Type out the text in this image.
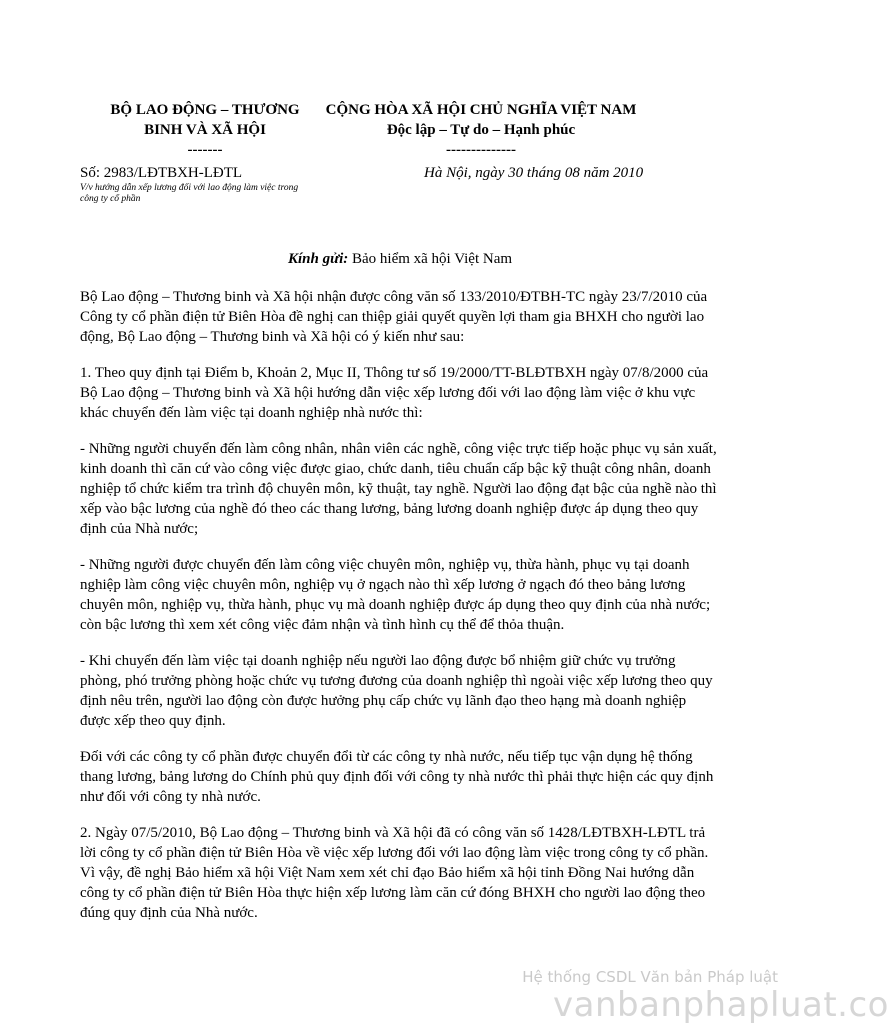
BỘ LAO ĐỘNG – THƯƠNG
BINH VÀ XÃ HỘI
-------
CỘNG HÒA XÃ HỘI CHỦ NGHĨA VIỆT NAM
Độc lập – Tự do – Hạnh phúc
--------------
Số: 2983/LĐTBXH-LĐTL
V/v hướng dẫn xếp lương đối với lao động làm việc trong công ty cổ phần
Hà Nội, ngày 30 tháng 08 năm 2010
Kính gửi: Bảo hiểm xã hội Việt Nam

Bộ Lao động – Thương binh và Xã hội nhận được công văn số 133/2010/ĐTBH-TC ngày 23/7/2010 của Công ty cổ phần điện tử Biên Hòa đề nghị can thiệp giải quyết quyền lợi tham gia BHXH cho người lao động, Bộ Lao động – Thương binh và Xã hội có ý kiến như sau:

1. Theo quy định tại Điểm b, Khoản 2, Mục II, Thông tư số 19/2000/TT-BLĐTBXH ngày 07/8/2000 của Bộ Lao động – Thương binh và Xã hội hướng dẫn việc xếp lương đối với lao động làm việc ở khu vực khác chuyển đến làm việc tại doanh nghiệp nhà nước thì:

- Những người chuyển đến làm công nhân, nhân viên các nghề, công việc trực tiếp hoặc phục vụ sản xuất, kinh doanh thì căn cứ vào công việc được giao, chức danh, tiêu chuẩn cấp bậc kỹ thuật công nhân, doanh nghiệp tổ chức kiểm tra trình độ chuyên môn, kỹ thuật, tay nghề. Người lao động đạt bậc của nghề nào thì xếp vào bậc lương của nghề đó theo các thang lương, bảng lương doanh nghiệp được áp dụng theo quy định của Nhà nước;

- Những người được chuyển đến làm công việc chuyên môn, nghiệp vụ, thừa hành, phục vụ tại doanh nghiệp làm công việc chuyên môn, nghiệp vụ ở ngạch nào thì xếp lương ở ngạch đó theo bảng lương chuyên môn, nghiệp vụ, thừa hành, phục vụ mà doanh nghiệp được áp dụng theo quy định của nhà nước; còn bậc lương thì xem xét công việc đảm nhận và tình hình cụ thể để thỏa thuận.

- Khi chuyển đến làm việc tại doanh nghiệp nếu người lao động được bổ nhiệm giữ chức vụ trưởng phòng, phó trưởng phòng hoặc chức vụ tương đương của doanh nghiệp thì ngoài việc xếp lương theo quy định nêu trên, người lao động còn được hưởng phụ cấp chức vụ lãnh đạo theo hạng mà doanh nghiệp được xếp theo quy định.

Đối với các công ty cổ phần được chuyển đổi từ các công ty nhà nước, nếu tiếp tục vận dụng hệ thống thang lương, bảng lương do Chính phủ quy định đối với công ty nhà nước thì phải thực hiện các quy định như đối với công ty nhà nước.

2. Ngày 07/5/2010, Bộ Lao động – Thương binh và Xã hội đã có công văn số 1428/LĐTBXH-LĐTL trả lời công ty cổ phần điện tử Biên Hòa về việc xếp lương đối với lao động làm việc trong công ty cổ phần. Vì vậy, đề nghị Bảo hiểm xã hội Việt Nam xem xét chỉ đạo Bảo hiểm xã hội tỉnh Đồng Nai hướng dẫn công ty cổ phần điện tử Biên Hòa thực hiện xếp lương làm căn cứ đóng BHXH cho người lao động theo đúng quy định của Nhà nước.

Hệ thống CSDL Văn bản Pháp luật
vanbanphapluat.co
